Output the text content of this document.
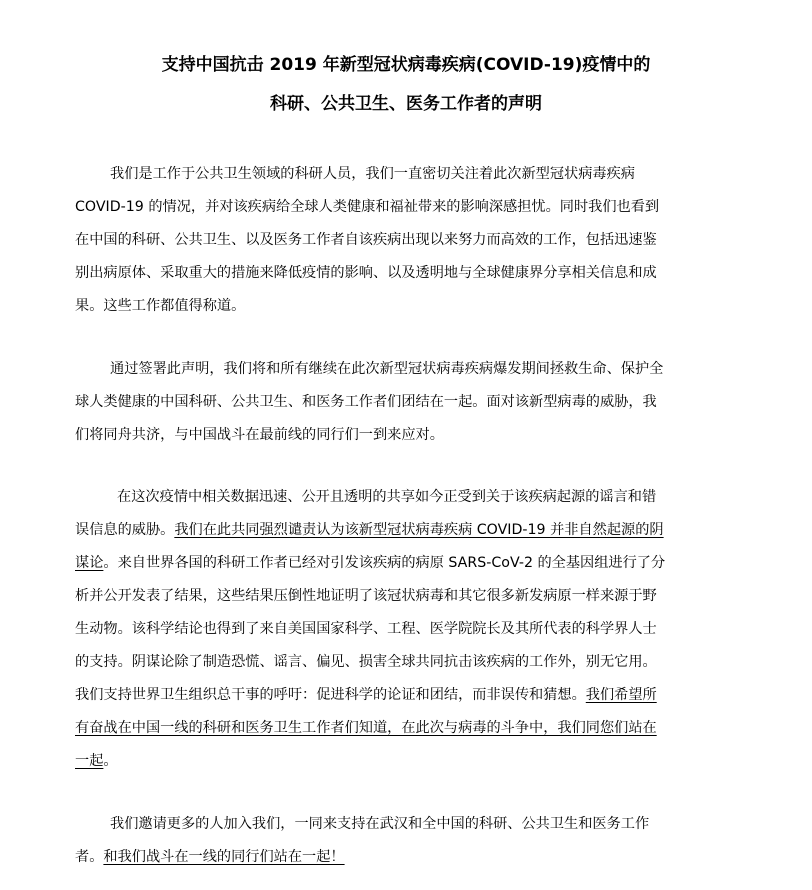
支持中国抗击 2019 年新型冠状病毒疾病(COVID-19)疫情中的
科研、公共卫生、医务工作者的声明
我们是工作于公共卫生领域的科研人员，我们一直密切关注着此次新型冠状病毒疾病
COVID-19 的情况，并对该疾病给全球人类健康和福祉带来的影响深感担忧。同时我们也看到
在中国的科研、公共卫生、以及医务工作者自该疾病出现以来努力而高效的工作，包括迅速鉴
别出病原体、采取重大的措施来降低疫情的影响、以及透明地与全球健康界分享相关信息和成
果。这些工作都值得称道。
通过签署此声明，我们将和所有继续在此次新型冠状病毒疾病爆发期间拯救生命、保护全
球人类健康的中国科研、公共卫生、和医务工作者们团结在一起。面对该新型病毒的威胁，我
们将同舟共济，与中国战斗在最前线的同行们一到来应对。
在这次疫情中相关数据迅速、公开且透明的共享如今正受到关于该疾病起源的谣言和错
误信息的威胁。我们在此共同强烈谴责认为该新型冠状病毒疾病 COVID-19 并非自然起源的阴
谋论。来自世界各国的科研工作者已经对引发该疾病的病原 SARS-CoV-2 的全基因组进行了分
析并公开发表了结果，这些结果压倒性地证明了该冠状病毒和其它很多新发病原一样来源于野
生动物。该科学结论也得到了来自美国国家科学、工程、医学院院长及其所代表的科学界人士
的支持。阴谋论除了制造恐慌、谣言、偏见、损害全球共同抗击该疾病的工作外，别无它用。
我们支持世界卫生组织总干事的呼吁：促进科学的论证和团结，而非误传和猜想。我们希望所
有奋战在中国一线的科研和医务卫生工作者们知道，在此次与病毒的斗争中，我们同您们站在
一起。
我们邀请更多的人加入我们，一同来支持在武汉和全中国的科研、公共卫生和医务工作
者。和我们战斗在一线的同行们站在一起！
